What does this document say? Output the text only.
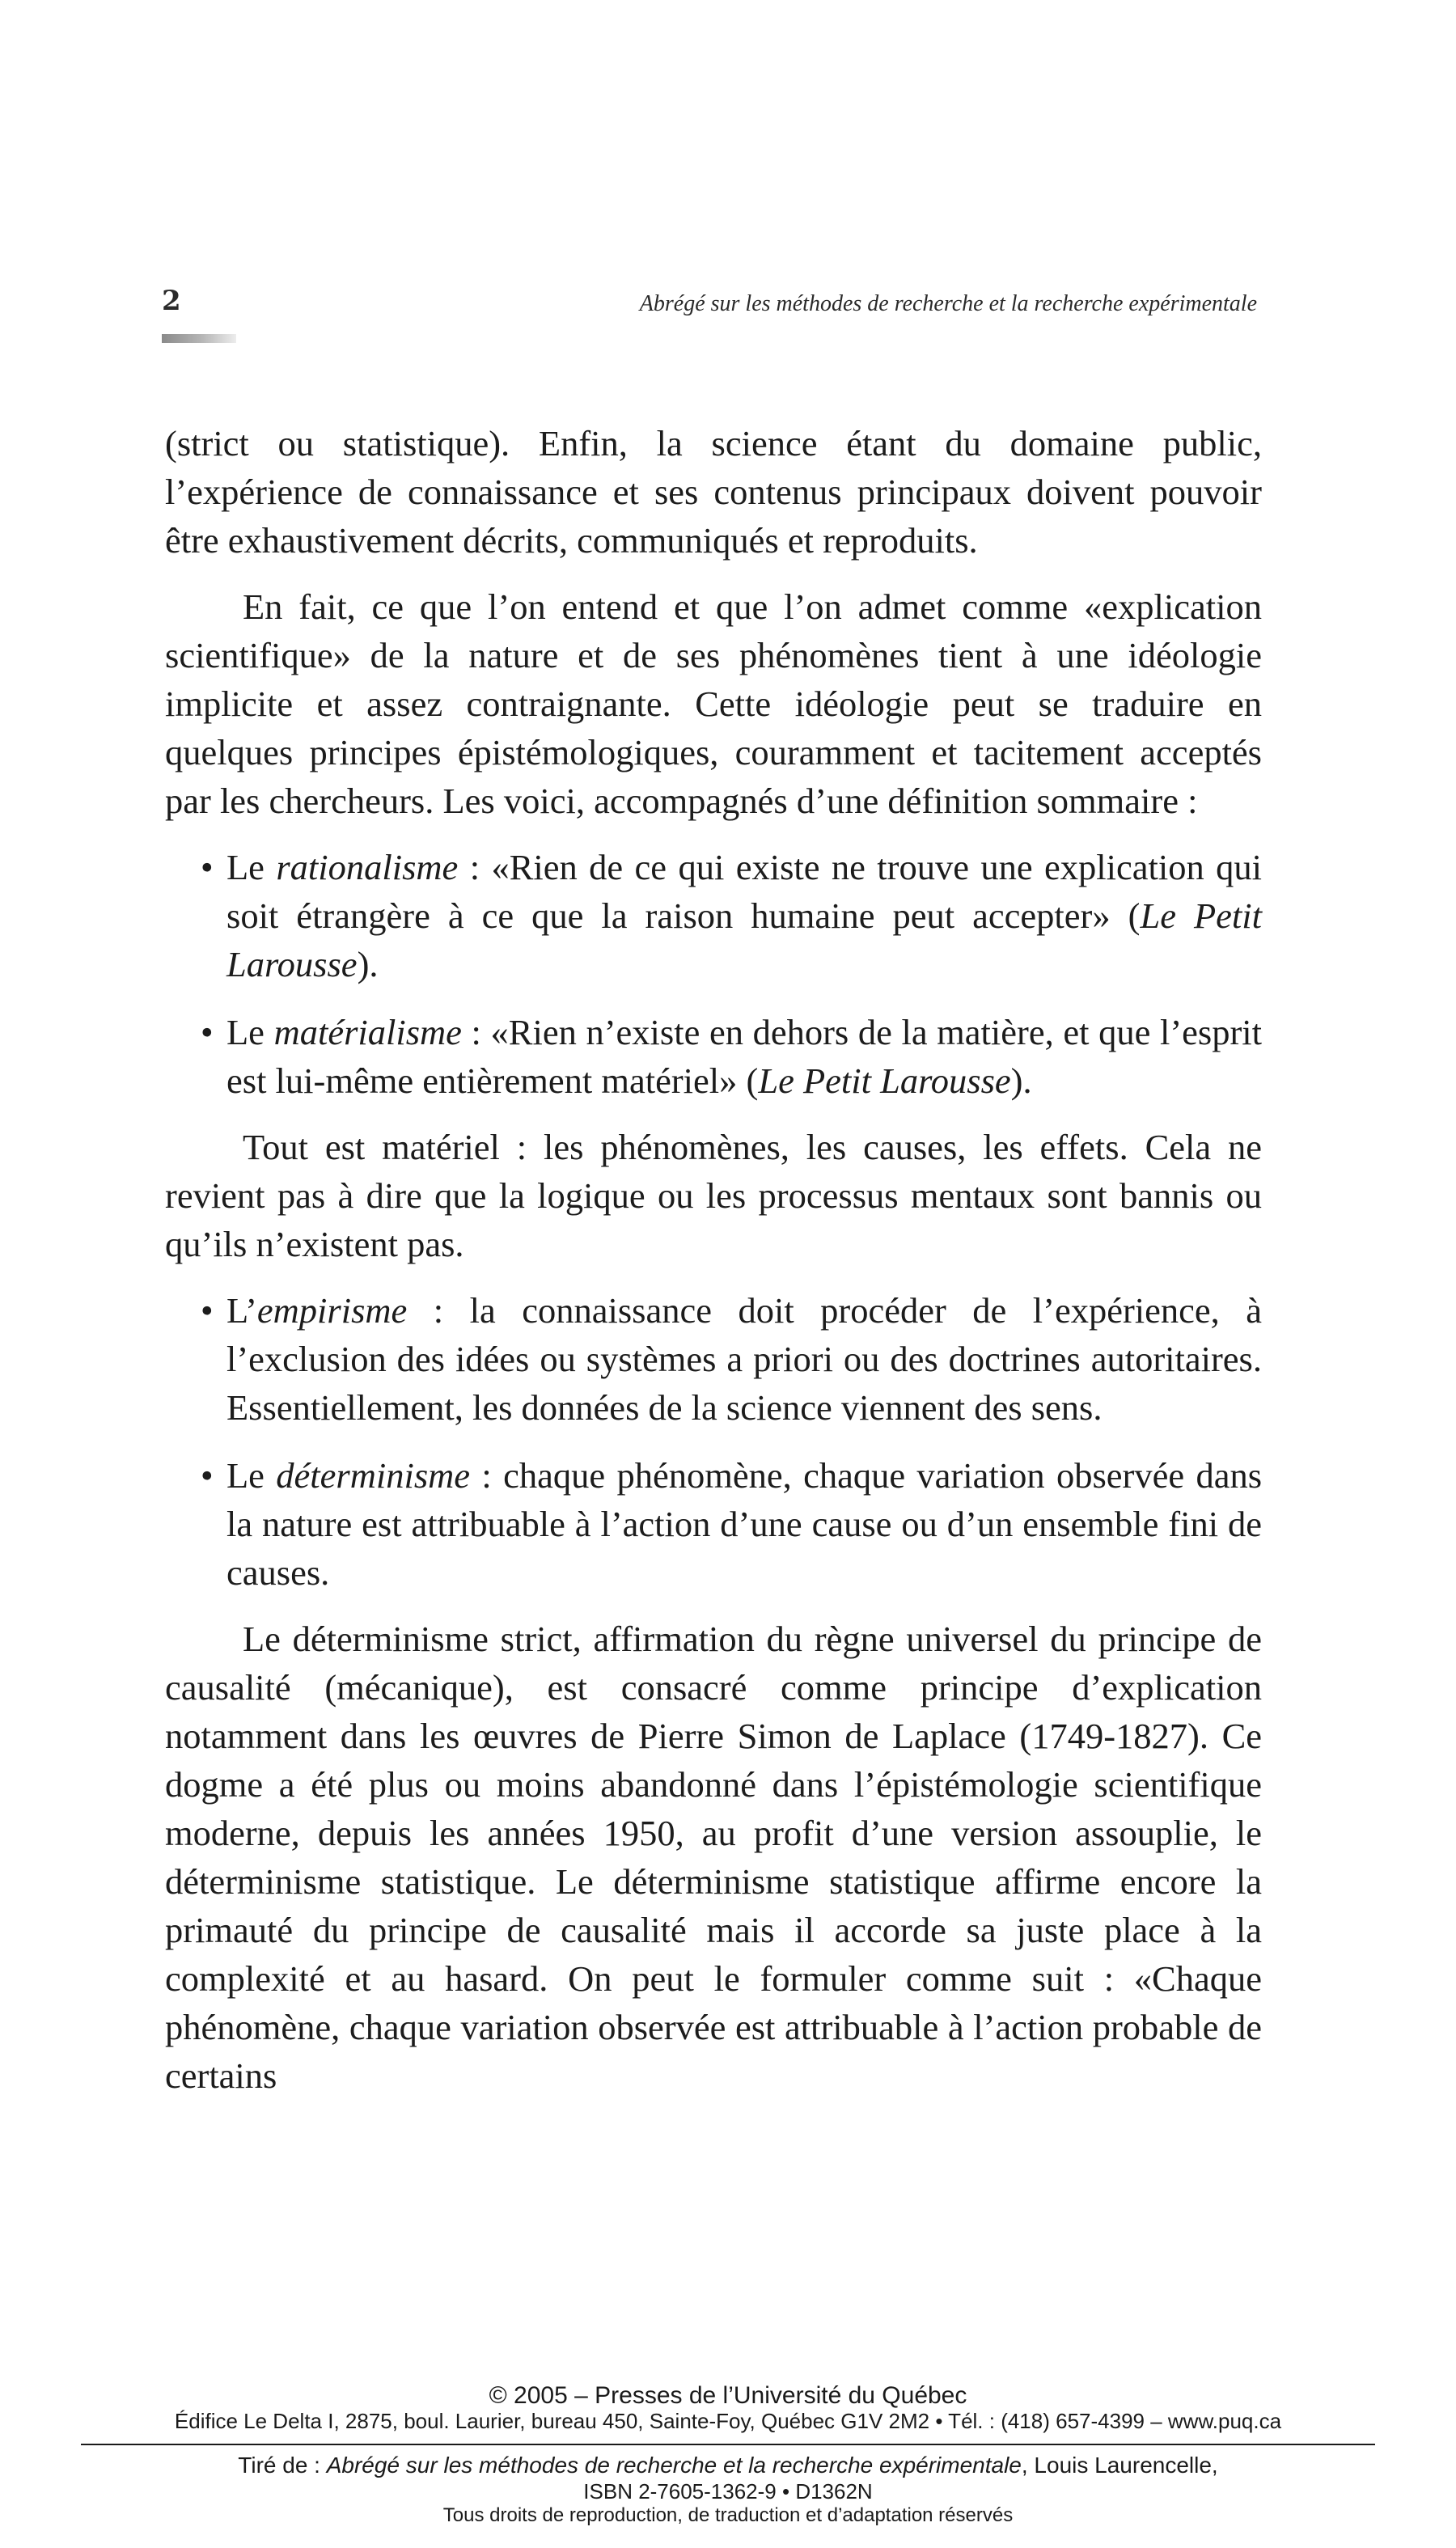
2	Abrégé sur les méthodes de recherche et la recherche expérimentale

(strict ou statistique). Enfin, la science étant du domaine public, l’expérience de connaissance et ses contenus principaux doivent pouvoir être exhaustivement décrits, communiqués et reproduits.

En fait, ce que l’on entend et que l’on admet comme «explication scientifique» de la nature et de ses phénomènes tient à une idéologie implicite et assez contraignante. Cette idéologie peut se traduire en quelques principes épistémologiques, couramment et tacitement acceptés par les chercheurs. Les voici, accompagnés d’une définition sommaire :

• Le rationalisme : «Rien de ce qui existe ne trouve une explication qui soit étrangère à ce que la raison humaine peut accepter» (Le Petit Larousse).
• Le matérialisme : «Rien n’existe en dehors de la matière, et que l’esprit est lui-même entièrement matériel» (Le Petit Larousse).

Tout est matériel : les phénomènes, les causes, les effets. Cela ne revient pas à dire que la logique ou les processus mentaux sont bannis ou qu’ils n’existent pas.

• L’empirisme : la connaissance doit procéder de l’expérience, à l’exclusion des idées ou systèmes a priori ou des doctrines autoritaires. Essentiellement, les données de la science viennent des sens.
• Le déterminisme : chaque phénomène, chaque variation observée dans la nature est attribuable à l’action d’une cause ou d’un ensemble fini de causes.

Le déterminisme strict, affirmation du règne universel du principe de causalité (mécanique), est consacré comme principe d’explication notamment dans les œuvres de Pierre Simon de Laplace (1749-1827). Ce dogme a été plus ou moins abandonné dans l’épistémologie scientifique moderne, depuis les années 1950, au profit d’une version assouplie, le déterminisme statistique. Le déterminisme statistique affirme encore la primauté du principe de causalité mais il accorde sa juste place à la complexité et au hasard. On peut le formuler comme suit : «Chaque phénomène, chaque variation observée est attribuable à l’action probable de certains

© 2005 – Presses de l’Université du Québec
Édifice Le Delta I, 2875, boul. Laurier, bureau 450, Sainte-Foy, Québec G1V 2M2 • Tél. : (418) 657-4399 – www.puq.ca
Tiré de : Abrégé sur les méthodes de recherche et la recherche expérimentale, Louis Laurencelle,
ISBN 2-7605-1362-9 • D1362N
Tous droits de reproduction, de traduction et d’adaptation réservés
